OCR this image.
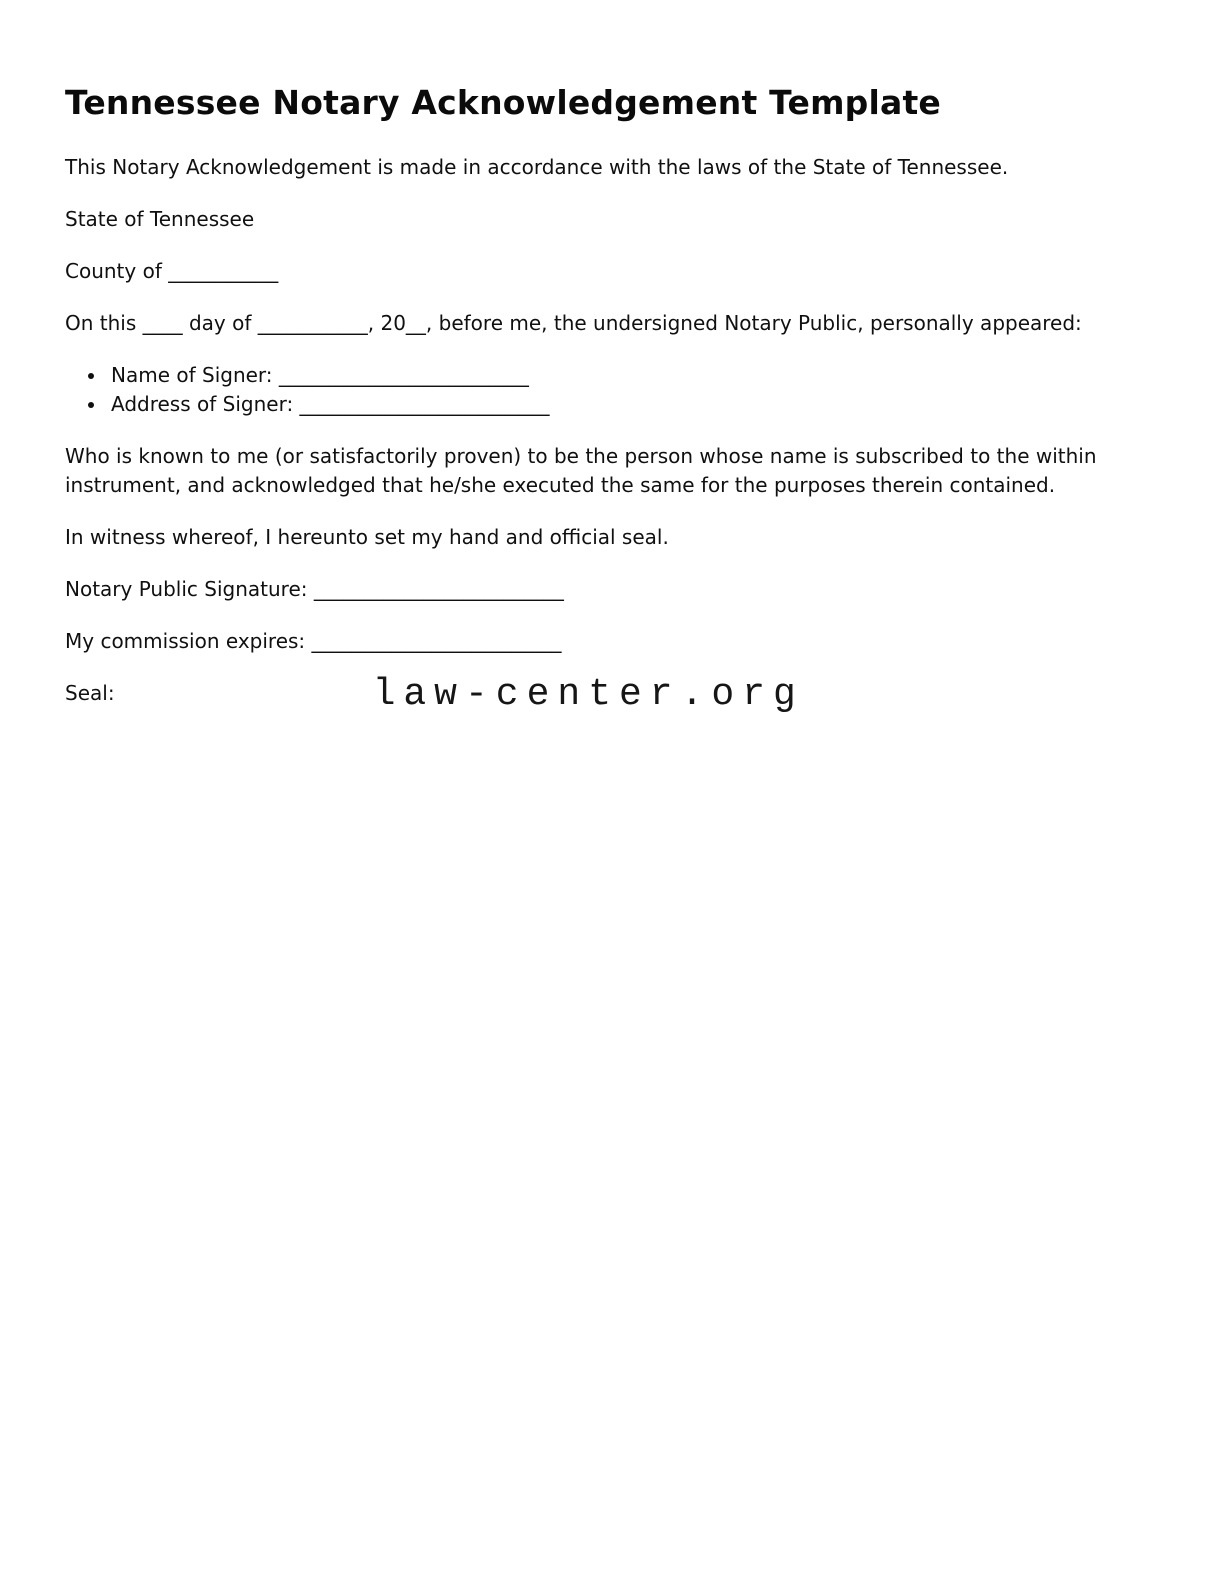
Tennessee Notary Acknowledgement Template

This Notary Acknowledgement is made in accordance with the laws of the State of Tennessee.

State of Tennessee

County of ___________

On this ____ day of ___________, 20__, before me, the undersigned Notary Public, personally appeared:

• Name of Signer: _________________________
• Address of Signer: _________________________

Who is known to me (or satisfactorily proven) to be the person whose name is subscribed to the within instrument, and acknowledged that he/she executed the same for the purposes therein contained.

In witness whereof, I hereunto set my hand and official seal.

Notary Public Signature: _________________________

My commission expires: _________________________

Seal:	law-center.org
